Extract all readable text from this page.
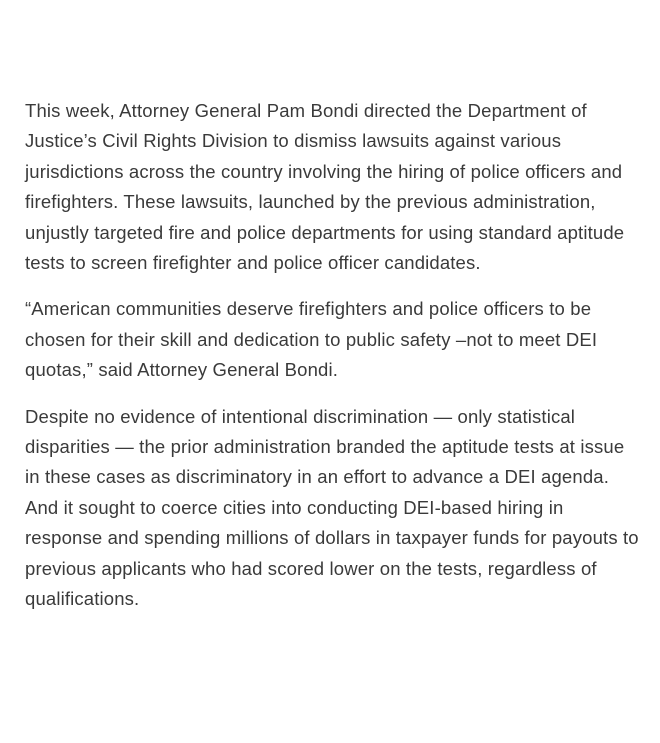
This week, Attorney General Pam Bondi directed the Department of Justice’s Civil Rights Division to dismiss lawsuits against various jurisdictions across the country involving the hiring of police officers and firefighters. These lawsuits, launched by the previous administration, unjustly targeted fire and police departments for using standard aptitude tests to screen firefighter and police officer candidates.

“American communities deserve firefighters and police officers to be chosen for their skill and dedication to public safety –not to meet DEI quotas,” said Attorney General Bondi.

Despite no evidence of intentional discrimination — only statistical disparities — the prior administration branded the aptitude tests at issue in these cases as discriminatory in an effort to advance a DEI agenda. And it sought to coerce cities into conducting DEI-based hiring in response and spending millions of dollars in taxpayer funds for payouts to previous applicants who had scored lower on the tests, regardless of qualifications.
